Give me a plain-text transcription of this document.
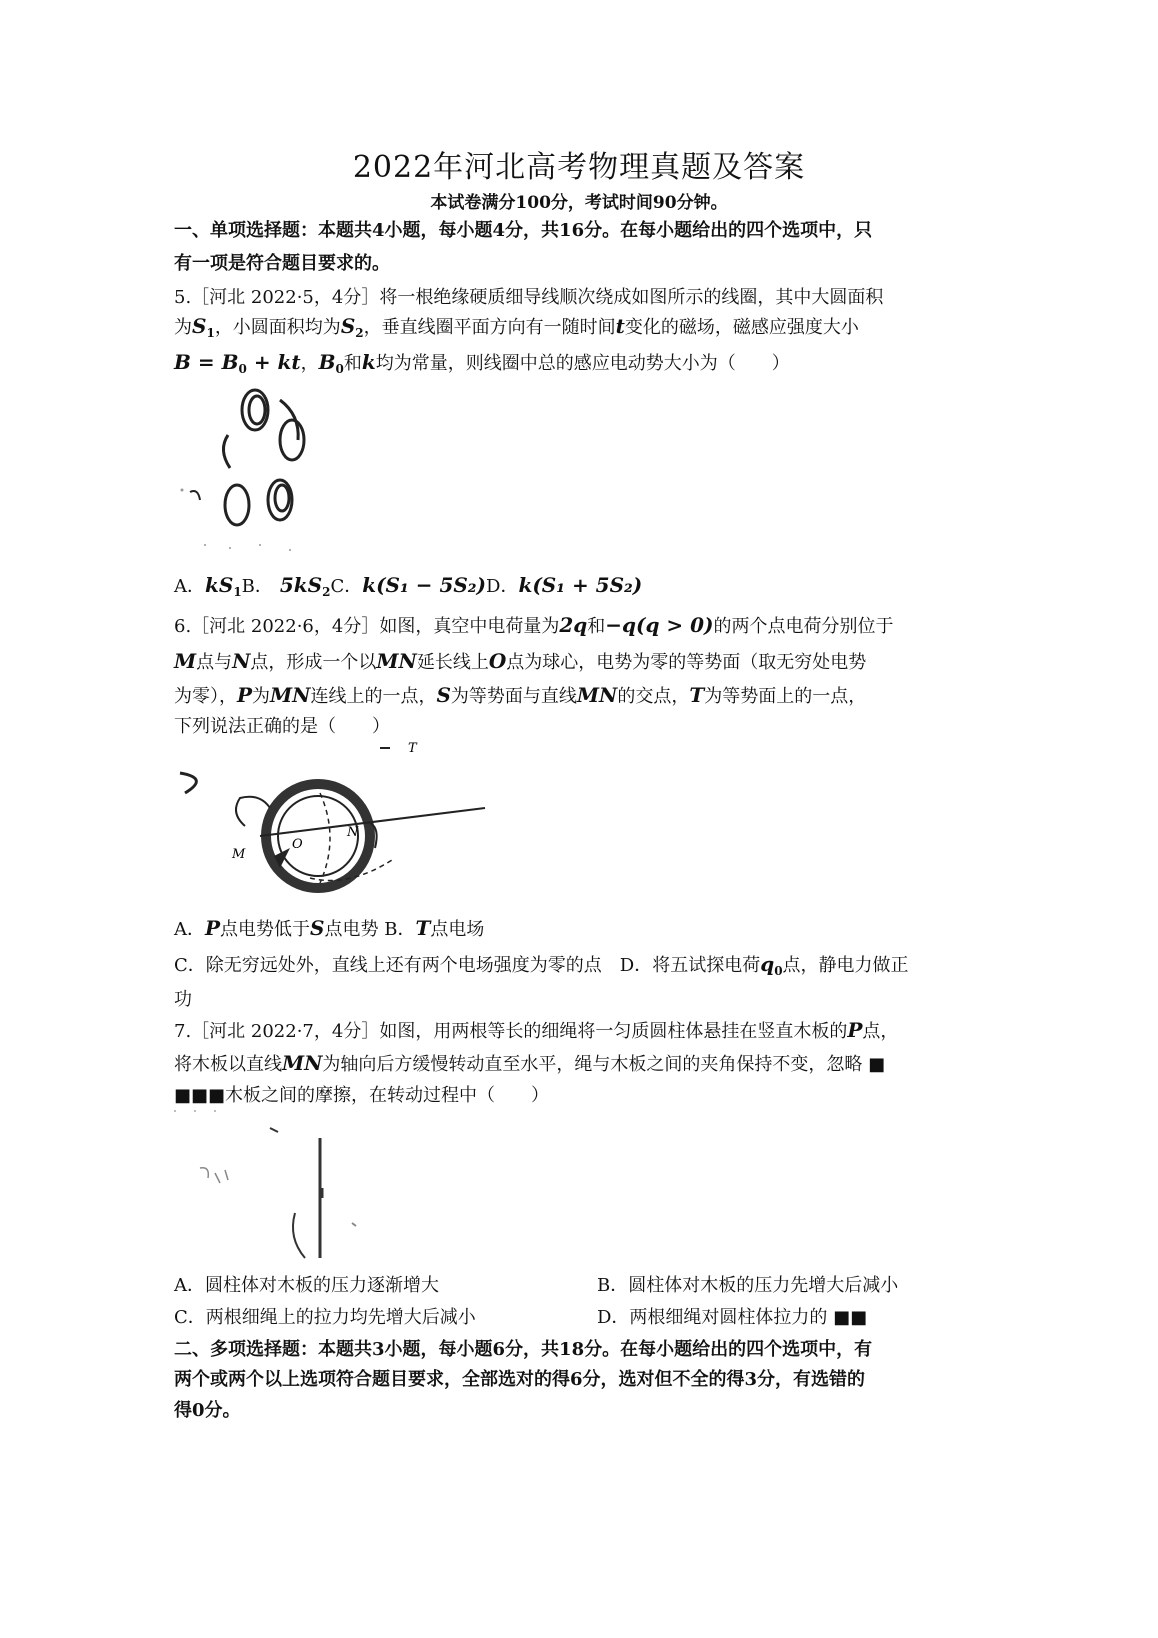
2022年河北高考物理真题及答案
本试卷满分100分，考试时间90分钟。
一、单项选择题：本题共4小题，每小题4分，共16分。在每小题给出的四个选项中，只
有一项是符合题目要求的。
5.［河北 2022·5，4分］将一根绝缘硬质细导线顺次绕成如图所示的线圈，其中大圆面积
为$S_1$，小圆面积均为$S_2$，垂直线圈平面方向有一随时间t变化的磁场，磁感应强度大小
$B = B_0$ + kt，$B_0$和k均为常量，则线圈中总的感应电动势大小为（　　）
A．$kS_1B$． $5kS_2C$．k(S₁ − 5S₂)D．k(S₁ + 5S₂)
6.［河北 2022·6，4分］如图，真空中电荷量为2q和−q(q > 0)的两个点电荷分别位于
M点与N点，形成一个以MN延长线上O点为球心，电势为零的等势面（取无穷处电势
为零），P为MN连线上的一点，S为等势面与直线MN的交点，T为等势面上的一点，
下列说法正确的是（　　）
M
N
O
T
A．P点电势低于S点电势 B．T点电场
C．除无穷远处外，直线上还有两个电场强度为零的点　D．将五试探电荷$q_0$点，静电力做正
功
7.［河北 2022·7，4分］如图，用两根等长的细绳将一匀质圆柱体悬挂在竖直木板的P点，
将木板以直线MN为轴向后方缓慢转动直至水平，绳与木板之间的夹角保持不变，忽略 ■
■■■木板之间的摩擦，在转动过程中（　　）
A．圆柱体对木板的压力逐渐增大	B．圆柱体对木板的压力先增大后减小
C．两根细绳上的拉力均先增大后减小	D．两根细绳对圆柱体拉力的 ■■
二、多项选择题：本题共3小题，每小题6分，共18分。在每小题给出的四个选项中，有
两个或两个以上选项符合题目要求，全部选对的得6分，选对但不全的得3分，有选错的
得0分。
